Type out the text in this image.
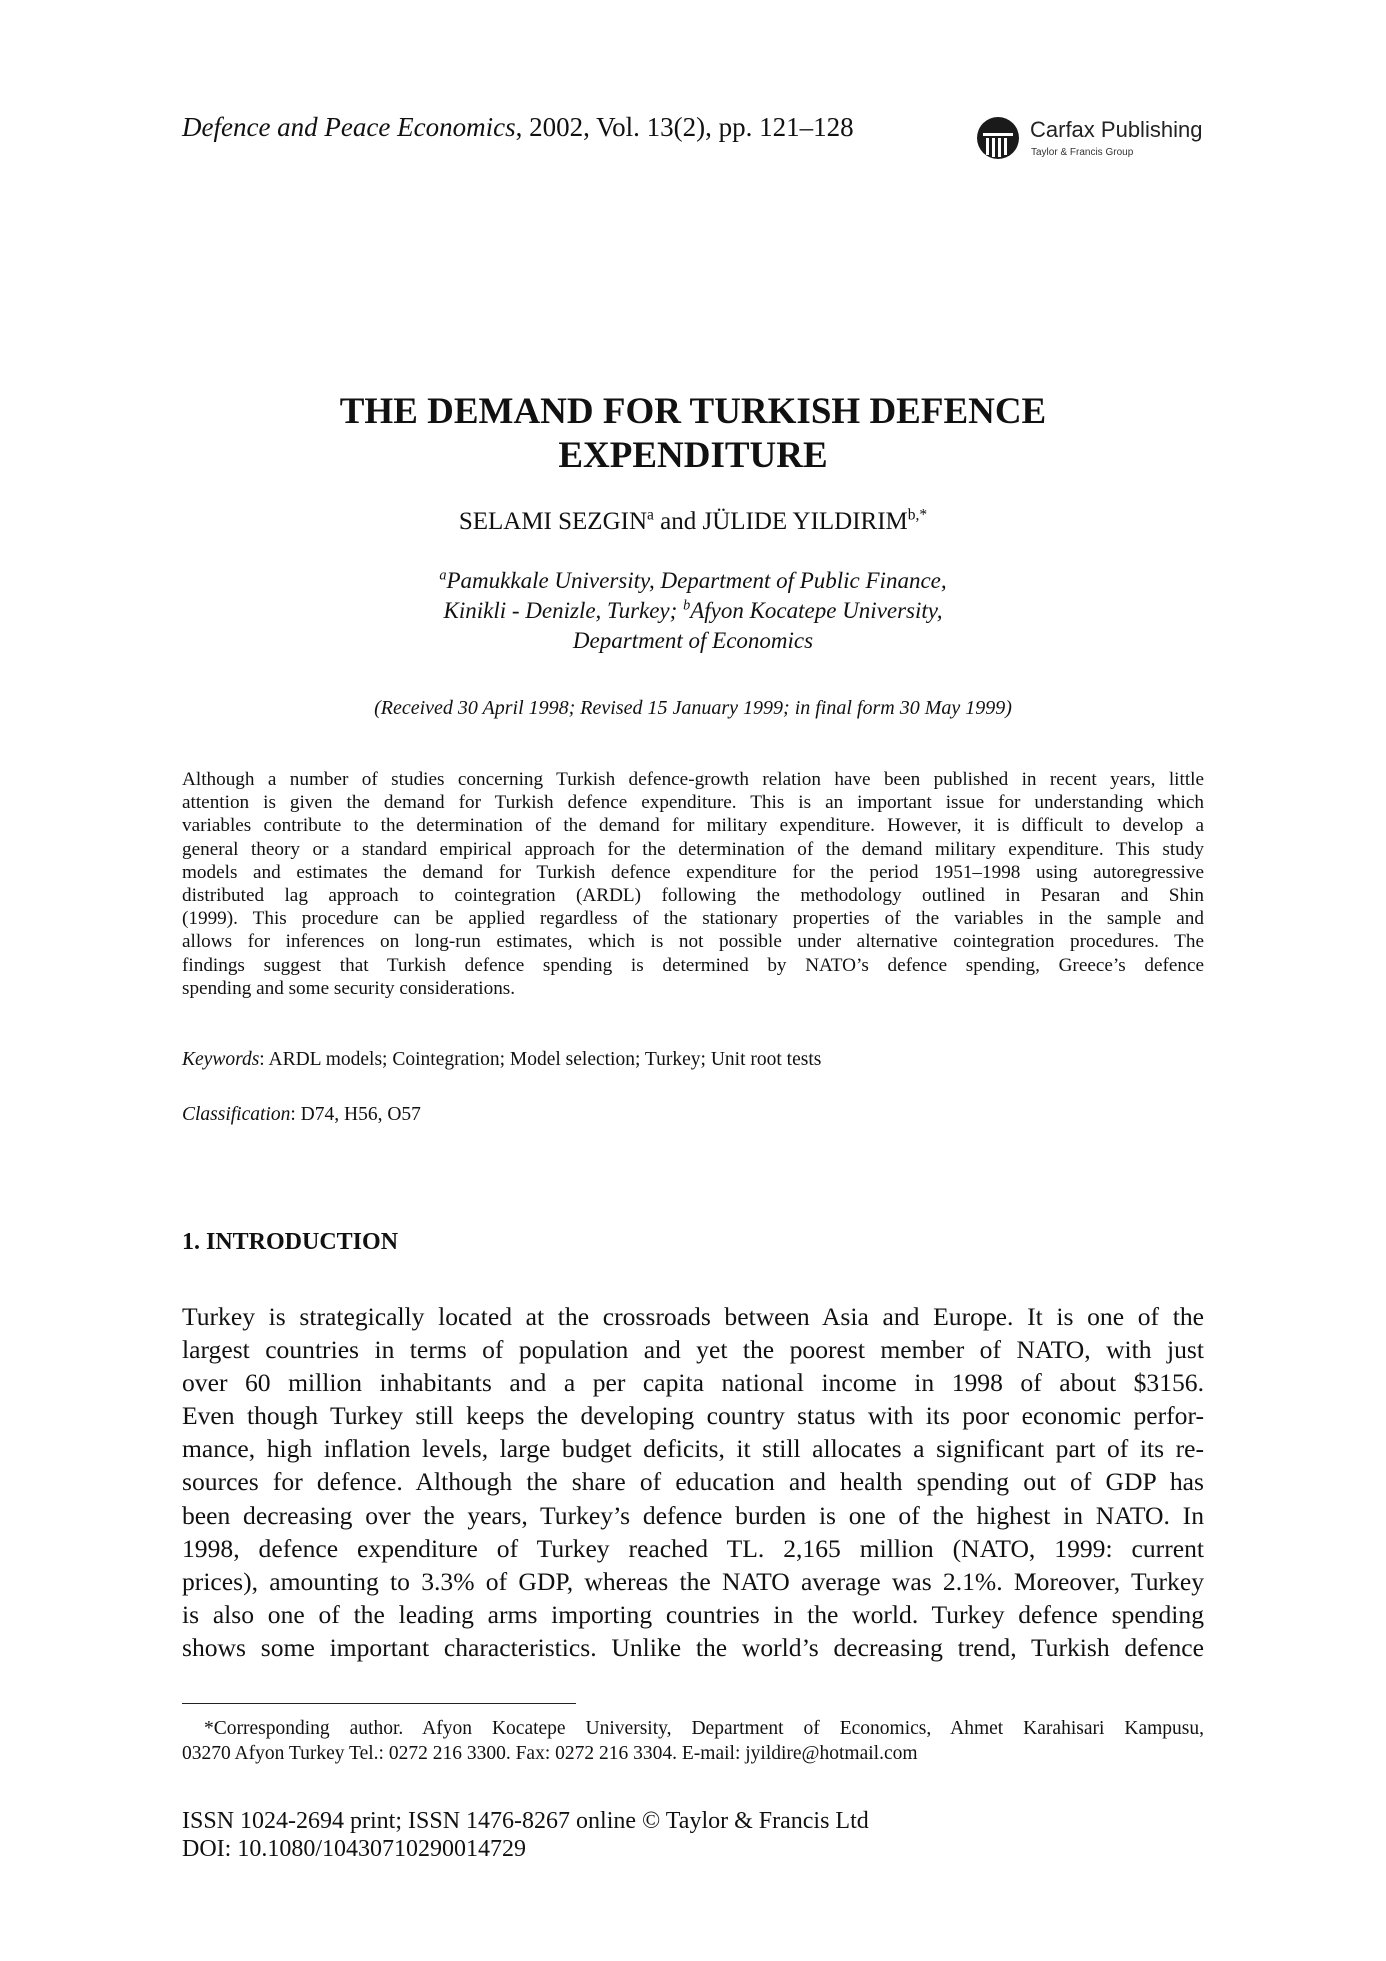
Defence and Peace Economics, 2002, Vol. 13(2), pp. 121–128	Carfax Publishing
Taylor & Francis Group
THE DEMAND FOR TURKISH DEFENCE
EXPENDITURE
SELAMI SEZGIN$^a$ and JÜLIDE $YILDIRIM^{b,*}$
$^a$Pamukkale University, Department of Public Finance,
Kinikli - Denizle, Turkey; $^b$Afyon Kocatepe University,
Department of Economics
(Received 30 April 1998; Revised 15 January 1999; in final form 30 May 1999)
Although a number of studies concerning Turkish defence-growth relation have been published in recent years, little
attention is given the demand for Turkish defence expenditure. This is an important issue for understanding which
variables contribute to the determination of the demand for military expenditure. However, it is difficult to develop a
general theory or a standard empirical approach for the determination of the demand military expenditure. This study
models and estimates the demand for Turkish defence expenditure for the period 1951–1998 using autoregressive
distributed lag approach to cointegration (ARDL) following the methodology outlined in Pesaran and Shin
(1999). This procedure can be applied regardless of the stationary properties of the variables in the sample and
allows for inferences on long-run estimates, which is not possible under alternative cointegration procedures. The
findings suggest that Turkish defence spending is determined by NATO’s defence spending, Greece’s defence
spending and some security considerations.
Keywords: ARDL models; Cointegration; Model selection; Turkey; Unit root tests
Classification: D74, H56, O57
1. INTRODUCTION
Turkey is strategically located at the crossroads between Asia and Europe. It is one of the
largest countries in terms of population and yet the poorest member of NATO, with just
over 60 million inhabitants and a per capita national income in 1998 of about $3156.
Even though Turkey still keeps the developing country status with its poor economic perfor-
mance, high inflation levels, large budget deficits, it still allocates a significant part of its re-
sources for defence. Although the share of education and health spending out of GDP has
been decreasing over the years, Turkey’s defence burden is one of the highest in NATO. In
1998, defence expenditure of Turkey reached TL. 2,165 million (NATO, 1999: current
prices), amounting to 3.3% of GDP, whereas the NATO average was 2.1%. Moreover, Turkey
is also one of the leading arms importing countries in the world. Turkey defence spending
shows some important characteristics. Unlike the world’s decreasing trend, Turkish defence
*Corresponding author. Afyon Kocatepe University, Department of Economics, Ahmet Karahisari Kampusu,
03270 Afyon Turkey Tel.: 0272 216 3300. Fax: 0272 216 3304. E-mail: jyildire@hotmail.com
ISSN 1024-2694 print; ISSN 1476-8267 online © Taylor & Francis Ltd
DOI: 10.1080/10430710290014729
